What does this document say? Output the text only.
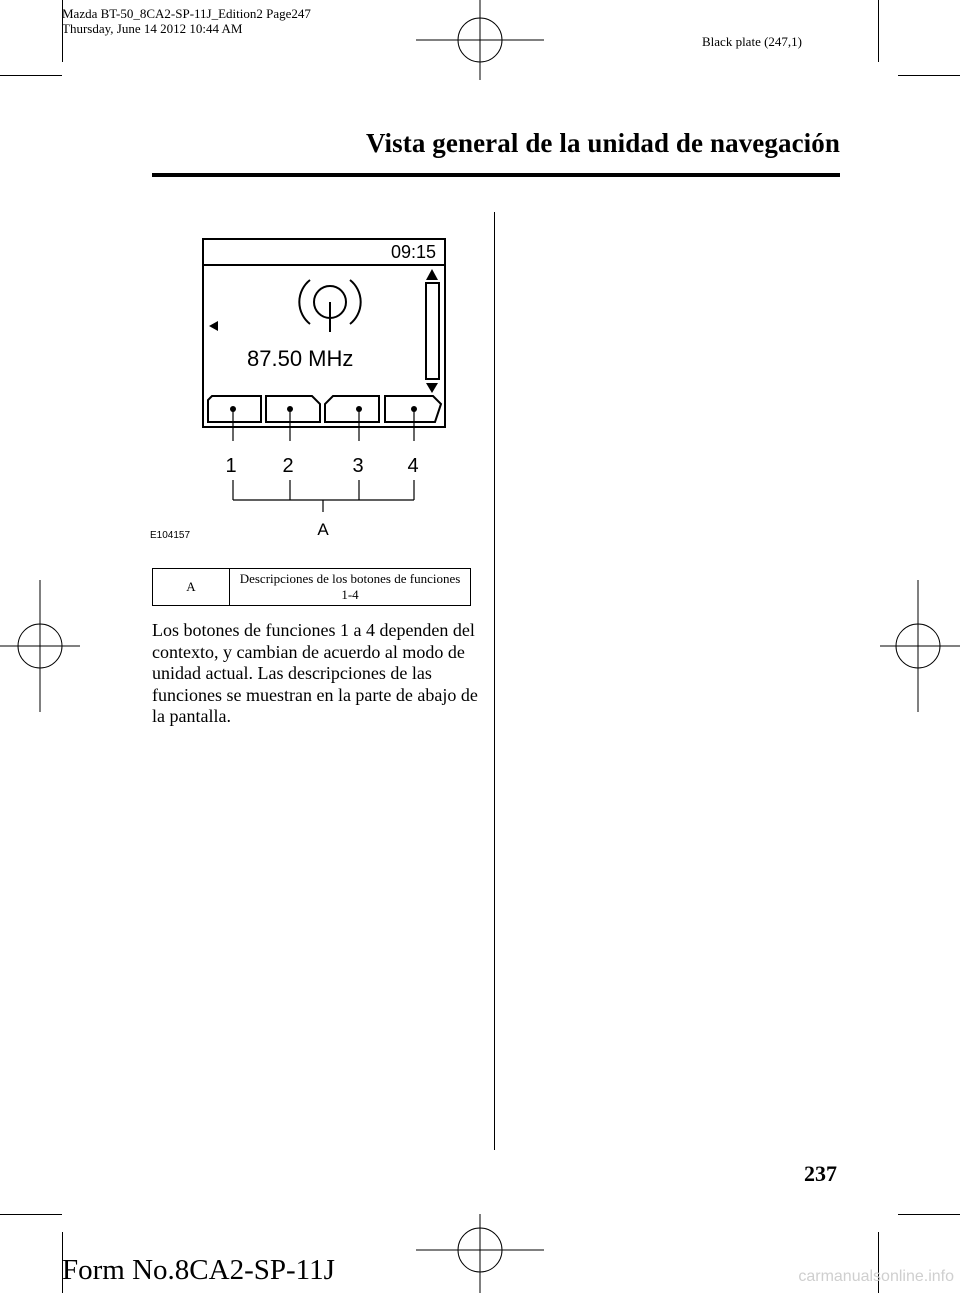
Mazda BT-50_8CA2-SP-11J_Edition2 Page247
Thursday, June 14 2012 10:44 AM
Black plate (247,1)
Vista general de la unidad de navegación
09:15
87.50 MHz
1 2	3 4
A
E104157
A	Descripciones de los botones de funciones 1-4
Los botones de funciones 1 a 4 dependen del contexto, y cambian de acuerdo al modo de unidad actual. Las descripciones de las funciones se muestran en la parte de abajo de la pantalla.
237
Form No.8CA2-SP-11J	carmanualsonline.info
